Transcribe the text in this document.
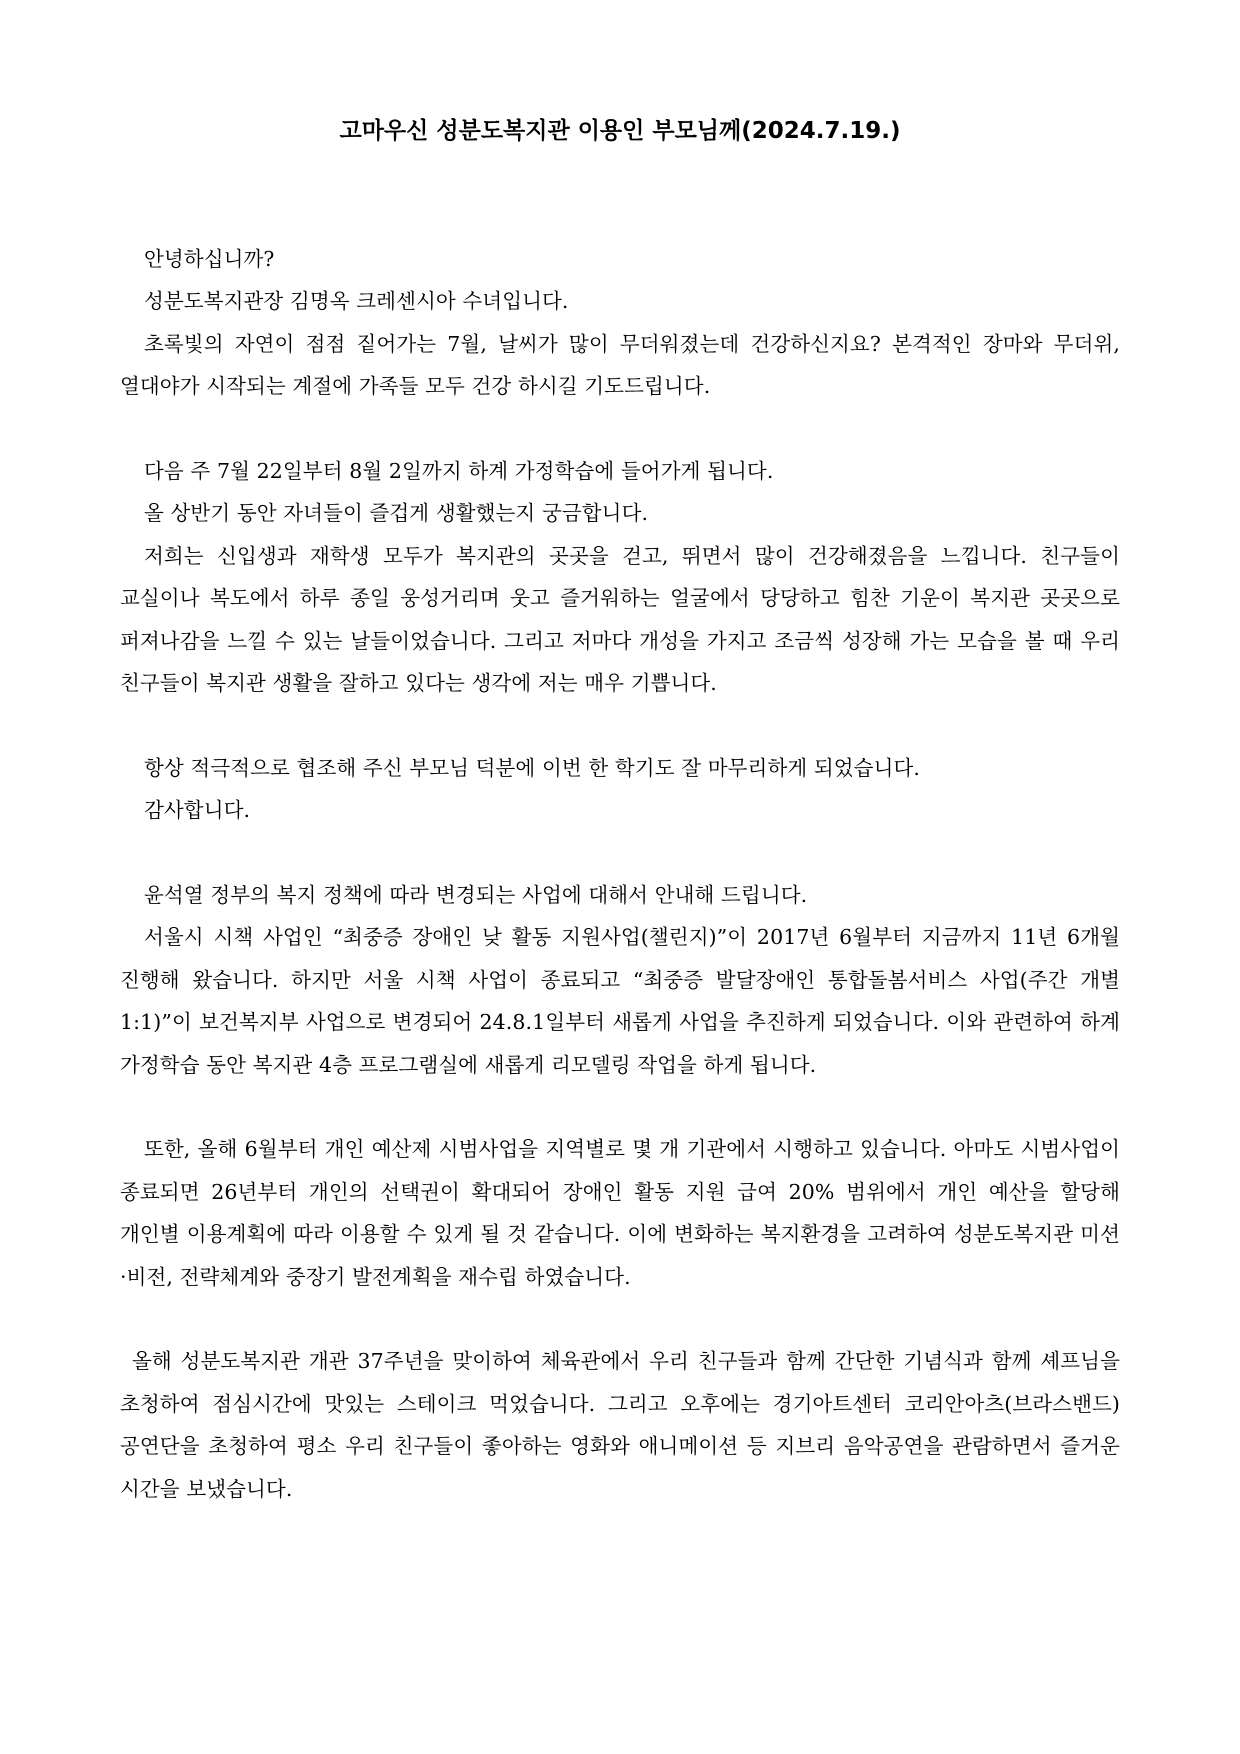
고마우신 성분도복지관 이용인 부모님께(2024.7.19.)

안녕하십니까?

성분도복지관장 김명옥 크레센시아 수녀입니다.

초록빛의 자연이 점점 짙어가는 7월, 날씨가 많이 무더워졌는데 건강하신지요? 본격적인 장마와 무더위, 열대야가 시작되는 계절에 가족들 모두 건강 하시길 기도드립니다.

다음 주 7월 22일부터 8월 2일까지 하계 가정학습에 들어가게 됩니다.

올 상반기 동안 자녀들이 즐겁게 생활했는지 궁금합니다.

저희는 신입생과 재학생 모두가 복지관의 곳곳을 걷고, 뛰면서 많이 건강해졌음을 느낍니다. 친구들이 교실이나 복도에서 하루 종일 웅성거리며 웃고 즐거워하는 얼굴에서 당당하고 힘찬 기운이 복지관 곳곳으로 퍼져나감을 느낄 수 있는 날들이었습니다. 그리고 저마다 개성을 가지고 조금씩 성장해 가는 모습을 볼 때 우리 친구들이 복지관 생활을 잘하고 있다는 생각에 저는 매우 기쁩니다.

항상 적극적으로 협조해 주신 부모님 덕분에 이번 한 학기도 잘 마무리하게 되었습니다.

감사합니다.

윤석열 정부의 복지 정책에 따라 변경되는 사업에 대해서 안내해 드립니다.

서울시 시책 사업인 “최중증 장애인 낮 활동 지원사업(챌린지)”이 2017년 6월부터 지금까지 11년 6개월 진행해 왔습니다. 하지만 서울 시책 사업이 종료되고 “최중증 발달장애인 통합돌봄서비스 사업(주간 개별 1:1)”이 보건복지부 사업으로 변경되어 24.8.1일부터 새롭게 사업을 추진하게 되었습니다. 이와 관련하여 하계 가정학습 동안 복지관 4층 프로그램실에 새롭게 리모델링 작업을 하게 됩니다.

또한, 올해 6월부터 개인 예산제 시범사업을 지역별로 몇 개 기관에서 시행하고 있습니다. 아마도 시범사업이 종료되면 26년부터 개인의 선택권이 확대되어 장애인 활동 지원 급여 20% 범위에서 개인 예산을 할당해 개인별 이용계획에 따라 이용할 수 있게 될 것 같습니다. 이에 변화하는 복지환경을 고려하여 성분도복지관 미션·비전, 전략체계와 중장기 발전계획을 재수립 하였습니다.

올해 성분도복지관 개관 37주년을 맞이하여 체육관에서 우리 친구들과 함께 간단한 기념식과 함께 셰프님을 초청하여 점심시간에 맛있는 스테이크 먹었습니다. 그리고 오후에는 경기아트센터 코리안아츠(브라스밴드) 공연단을 초청하여 평소 우리 친구들이 좋아하는 영화와 애니메이션 등 지브리 음악공연을 관람하면서 즐거운 시간을 보냈습니다.
